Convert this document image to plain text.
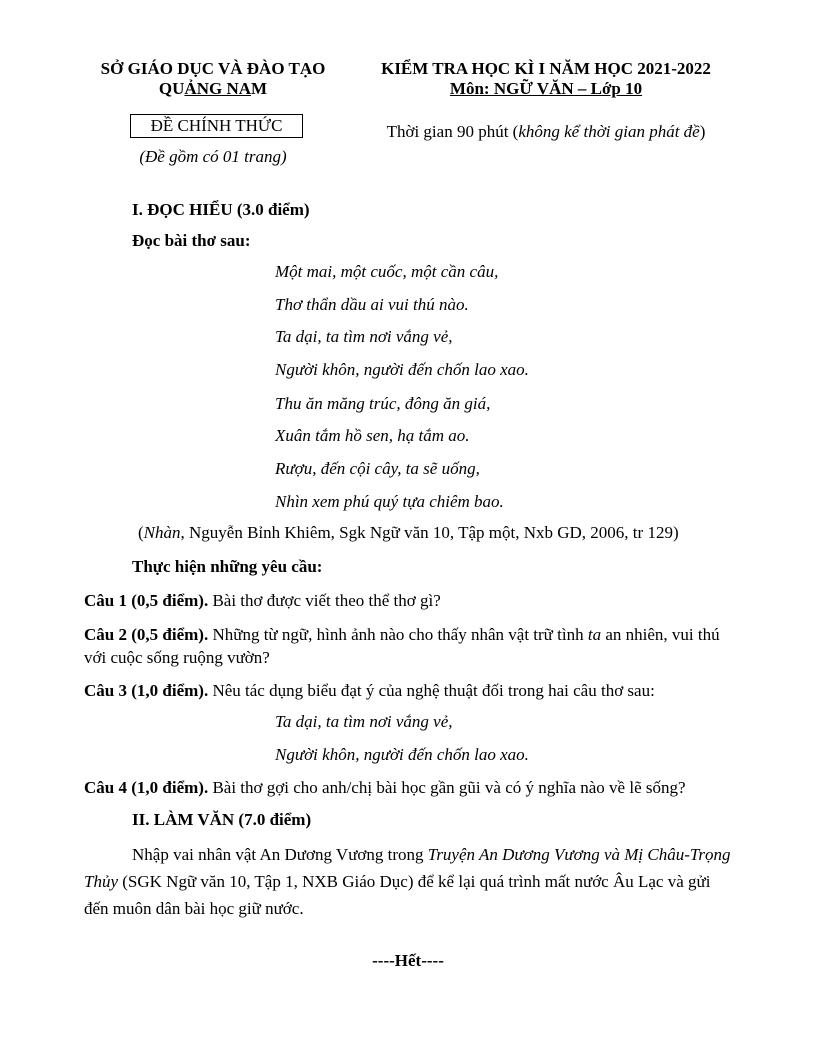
SỞ GIÁO DỤC VÀ ĐÀO TẠO
QUẢNG NAM
ĐỀ CHÍNH THỨC
(Đề gồm có 01 trang)
KIỂM TRA HỌC KÌ I NĂM HỌC 2021-2022
Môn: NGỮ VĂN – Lớp 10
Thời gian 90 phút (không kể thời gian phát đề)
I. ĐỌC HIỂU (3.0 điểm)
Đọc bài thơ sau:
Một mai, một cuốc, một cần câu,
Thơ thẩn dầu ai vui thú nào.
Ta dại, ta tìm nơi vắng vẻ,
Người khôn, người đến chốn lao xao.
Thu ăn măng trúc, đông ăn giá,
Xuân tắm hồ sen, hạ tắm ao.
Rượu, đến cội cây, ta sẽ uống,
Nhìn xem phú quý tựa chiêm bao.
(Nhàn, Nguyễn Bỉnh Khiêm, Sgk Ngữ văn 10, Tập một, Nxb GD, 2006, tr 129)
Thực hiện những yêu cầu:
Câu 1 (0,5 điểm). Bài thơ được viết theo thể thơ gì?
Câu 2 (0,5 điểm). Những từ ngữ, hình ảnh nào cho thấy nhân vật trữ tình ta an nhiên, vui thú với cuộc sống ruộng vườn?
Câu 3 (1,0 điểm). Nêu tác dụng biểu đạt ý của nghệ thuật đối trong hai câu thơ sau:
Ta dại, ta tìm nơi vắng vẻ,
Người khôn, người đến chốn lao xao.
Câu 4 (1,0 điểm). Bài thơ gợi cho anh/chị bài học gần gũi và có ý nghĩa nào về lẽ sống?
II. LÀM VĂN (7.0 điểm)
Nhập vai nhân vật An Dương Vương trong Truyện An Dương Vương và Mị Châu-Trọng Thủy (SGK Ngữ văn 10, Tập 1, NXB Giáo Dục) để kể lại quá trình mất nước Âu Lạc và gửi đến muôn dân bài học giữ nước.
----Hết----
